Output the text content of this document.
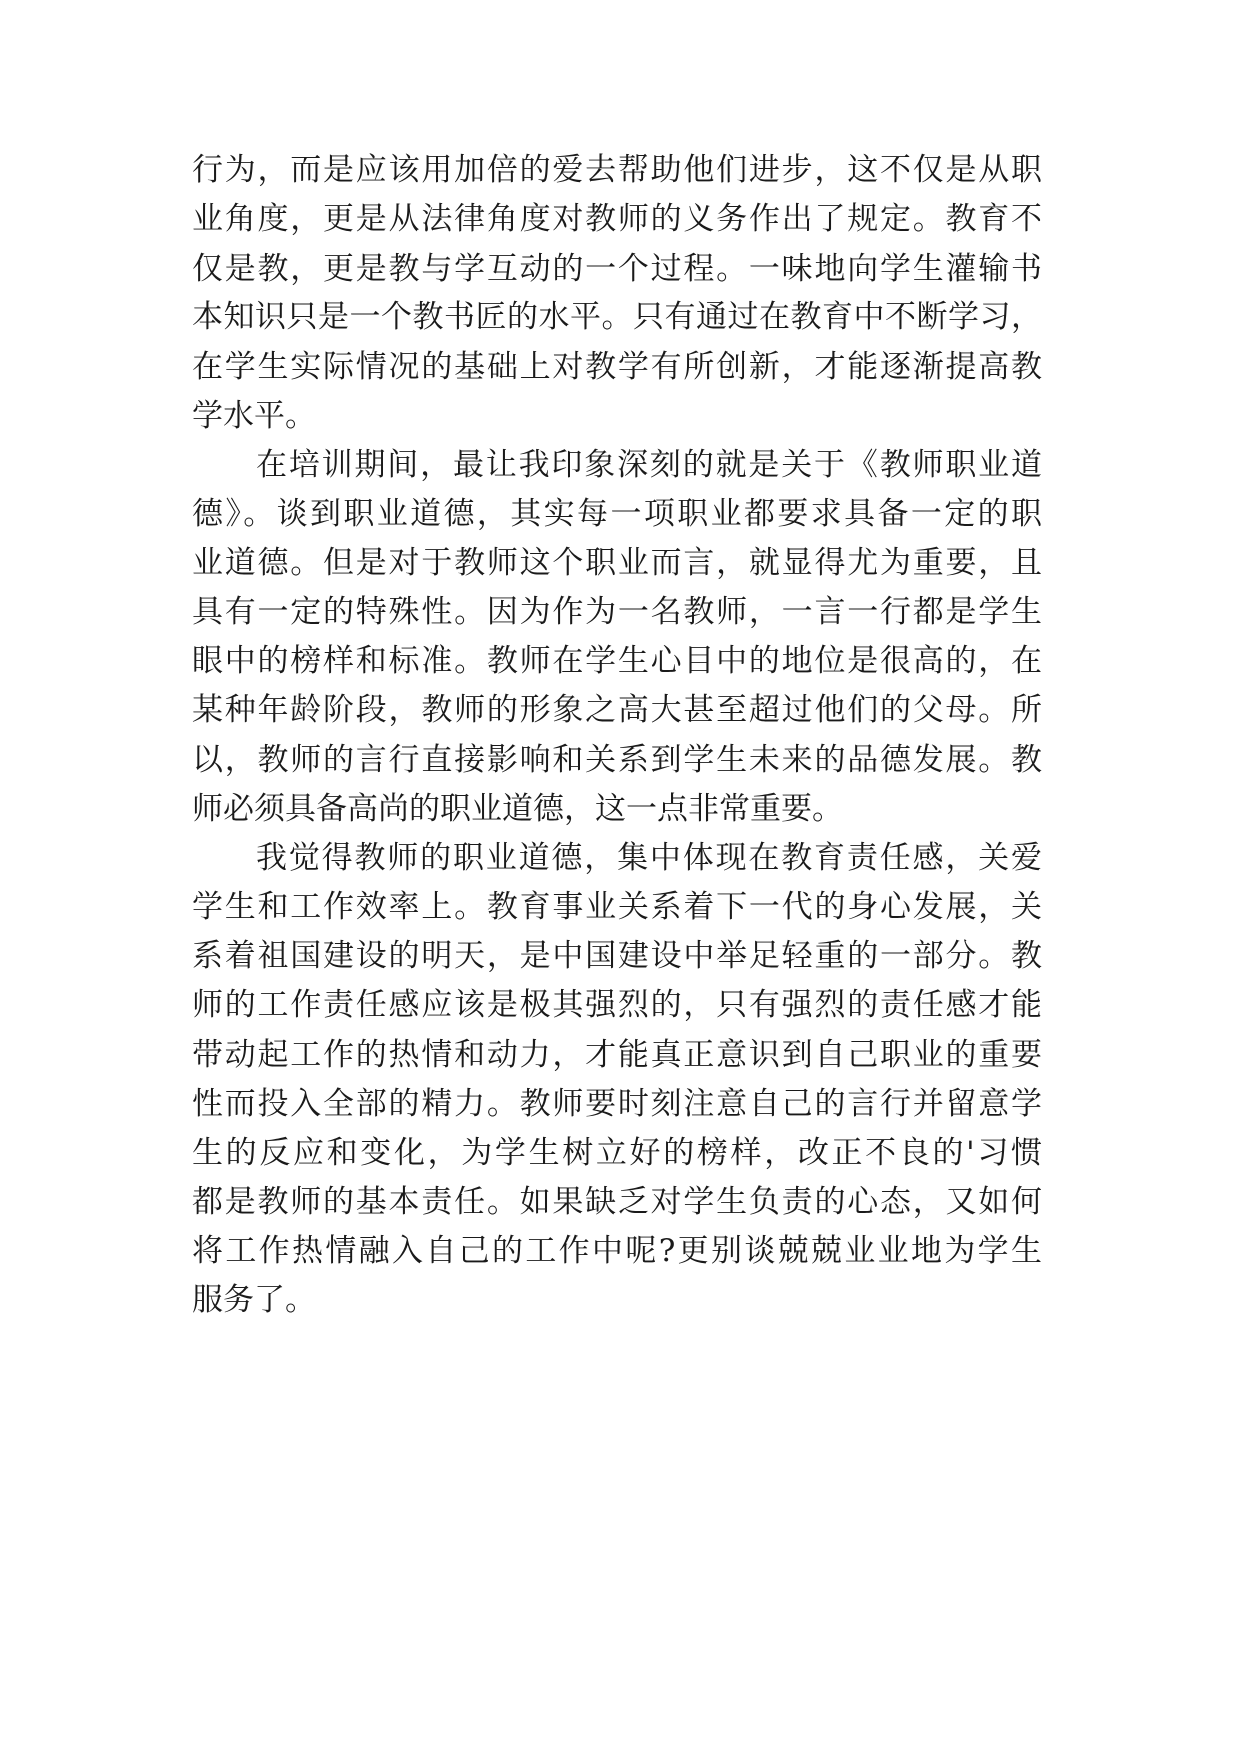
行为，而是应该用加倍的爱去帮助他们进步，这不仅是从职
业角度，更是从法律角度对教师的义务作出了规定。教育不
仅是教，更是教与学互动的一个过程。一味地向学生灌输书
本知识只是一个教书匠的水平。只有通过在教育中不断学习，
在学生实际情况的基础上对教学有所创新，才能逐渐提高教
学水平。
在培训期间，最让我印象深刻的就是关于《教师职业道
德》。谈到职业道德，其实每一项职业都要求具备一定的职
业道德。但是对于教师这个职业而言，就显得尤为重要，且
具有一定的特殊性。因为作为一名教师，一言一行都是学生
眼中的榜样和标准。教师在学生心目中的地位是很高的，在
某种年龄阶段，教师的形象之高大甚至超过他们的父母。所
以，教师的言行直接影响和关系到学生未来的品德发展。教
师必须具备高尚的职业道德，这一点非常重要。
我觉得教师的职业道德，集中体现在教育责任感，关爱
学生和工作效率上。教育事业关系着下一代的身心发展，关
系着祖国建设的明天，是中国建设中举足轻重的一部分。教
师的工作责任感应该是极其强烈的，只有强烈的责任感才能
带动起工作的热情和动力，才能真正意识到自己职业的重要
性而投入全部的精力。教师要时刻注意自己的言行并留意学
生的反应和变化，为学生树立好的榜样，改正不良的'习惯
都是教师的基本责任。如果缺乏对学生负责的心态，又如何
将工作热情融入自己的工作中呢?更别谈兢兢业业地为学生
服务了。
